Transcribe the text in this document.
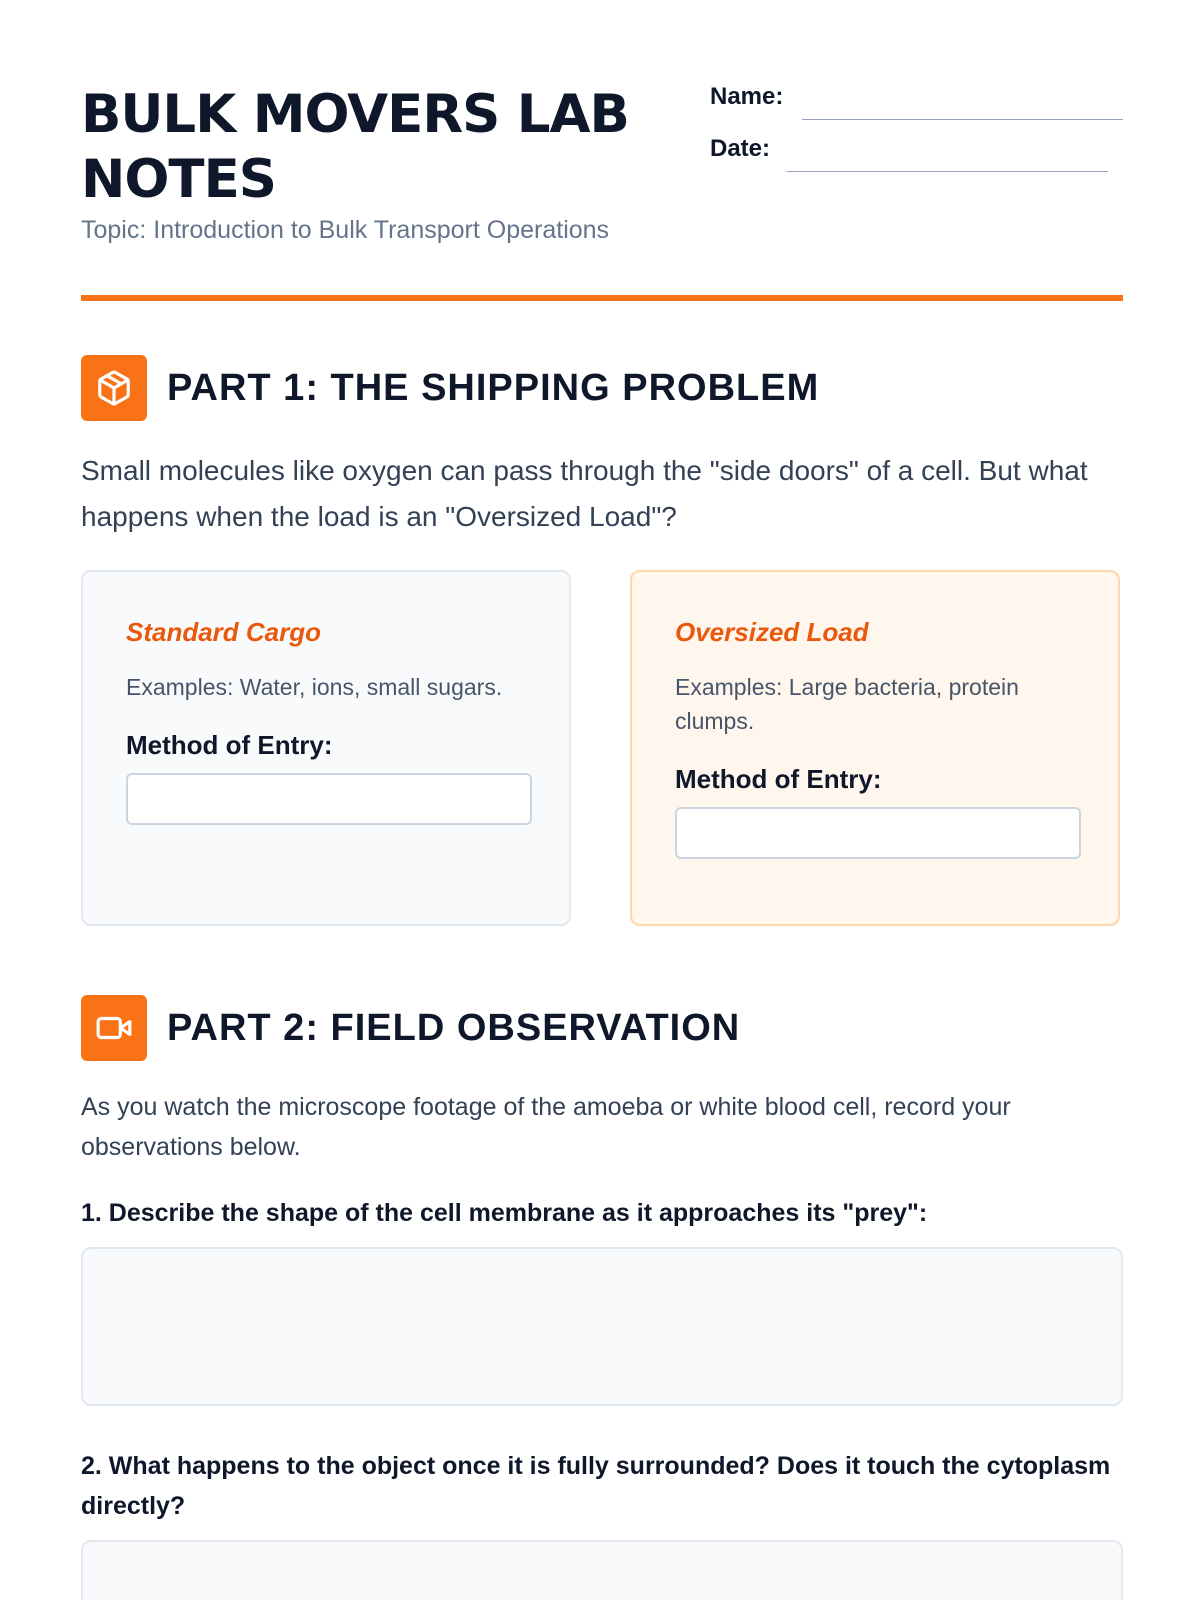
BULK MOVERS LAB NOTES
Topic: Introduction to Bulk Transport Operations
Name:
Date:
PART 1: THE SHIPPING PROBLEM

Small molecules like oxygen can pass through the "side doors" of a cell. But what happens when the load is an "Oversized Load"?

Standard Cargo

Examples: Water, ions, small sugars.

Method of Entry:

Oversized Load

Examples: Large bacteria, protein clumps.

Method of Entry:

PART 2: FIELD OBSERVATION

As you watch the microscope footage of the amoeba or white blood cell, record your observations below.

1. Describe the shape of the cell membrane as it approaches its "prey":

2. What happens to the object once it is fully surrounded? Does it touch the cytoplasm directly?
